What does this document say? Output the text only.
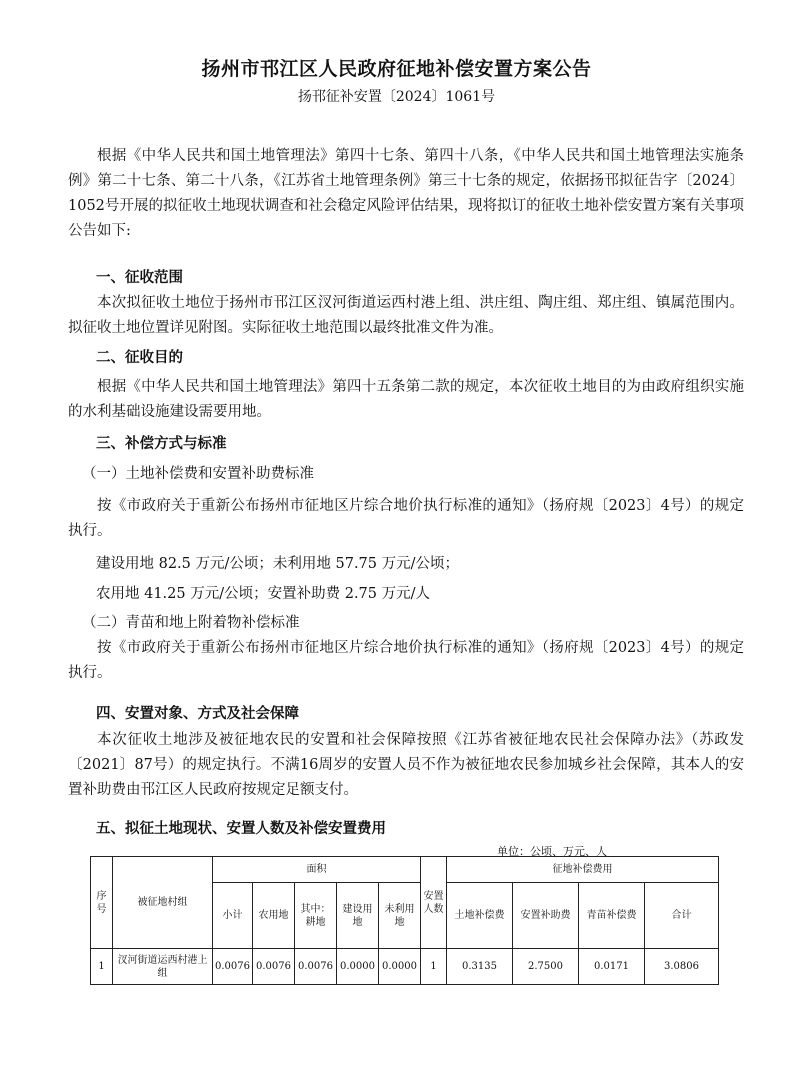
扬州市邗江区人民政府征地补偿安置方案公告
扬邗征补安置〔2024〕1061号

根据《中华人民共和国土地管理法》第四十七条、第四十八条，《中华人民共和国土地管理法实施条例》第二十七条、第二十八条，《江苏省土地管理条例》第三十七条的规定，依据扬邗拟征告字〔2024〕1052号开展的拟征收土地现状调查和社会稳定风险评估结果，现将拟订的征收土地补偿安置方案有关事项公告如下:

一、征收范围

本次拟征收土地位于扬州市邗江区汊河街道运西村港上组、洪庄组、陶庄组、郑庄组、镇属范围内。拟征收土地位置详见附图。实际征收土地范围以最终批准文件为准。

二、征收目的

根据《中华人民共和国土地管理法》第四十五条第二款的规定，本次征收土地目的为由政府组织实施的水利基础设施建设需要用地。

三、补偿方式与标准

（一）土地补偿费和安置补助费标准

按《市政府关于重新公布扬州市征地区片综合地价执行标准的通知》（扬府规〔2023〕4号）的规定执行。

建设用地 82.5 万元/公顷；未利用地 57.75 万元/公顷；

农用地 41.25 万元/公顷；安置补助费 2.75 万元/人

（二）青苗和地上附着物补偿标准

按《市政府关于重新公布扬州市征地区片综合地价执行标准的通知》（扬府规〔2023〕4号）的规定执行。

四、安置对象、方式及社会保障

本次征收土地涉及被征地农民的安置和社会保障按照《江苏省被征地农民社会保障办法》（苏政发〔2021〕87号）的规定执行。不满16周岁的安置人员不作为被征地农民参加城乡社会保障，其本人的安置补助费由邗江区人民政府按规定足额支付。

五、拟征土地现状、安置人数及补偿安置费用

单位：公顷、万元、人
序号	被征地村组	面积					安置人数	征地补偿费用			
		小计	农用地	其中：耕地	建设用地	未利用地		土地补偿费	安置补助费	青苗补偿费	合计
1	汊河街道运西村港上组	0.0076	0.0076	0.0076	0.0000	0.0000	1	0.3135	2.7500	0.0171	3.0806
